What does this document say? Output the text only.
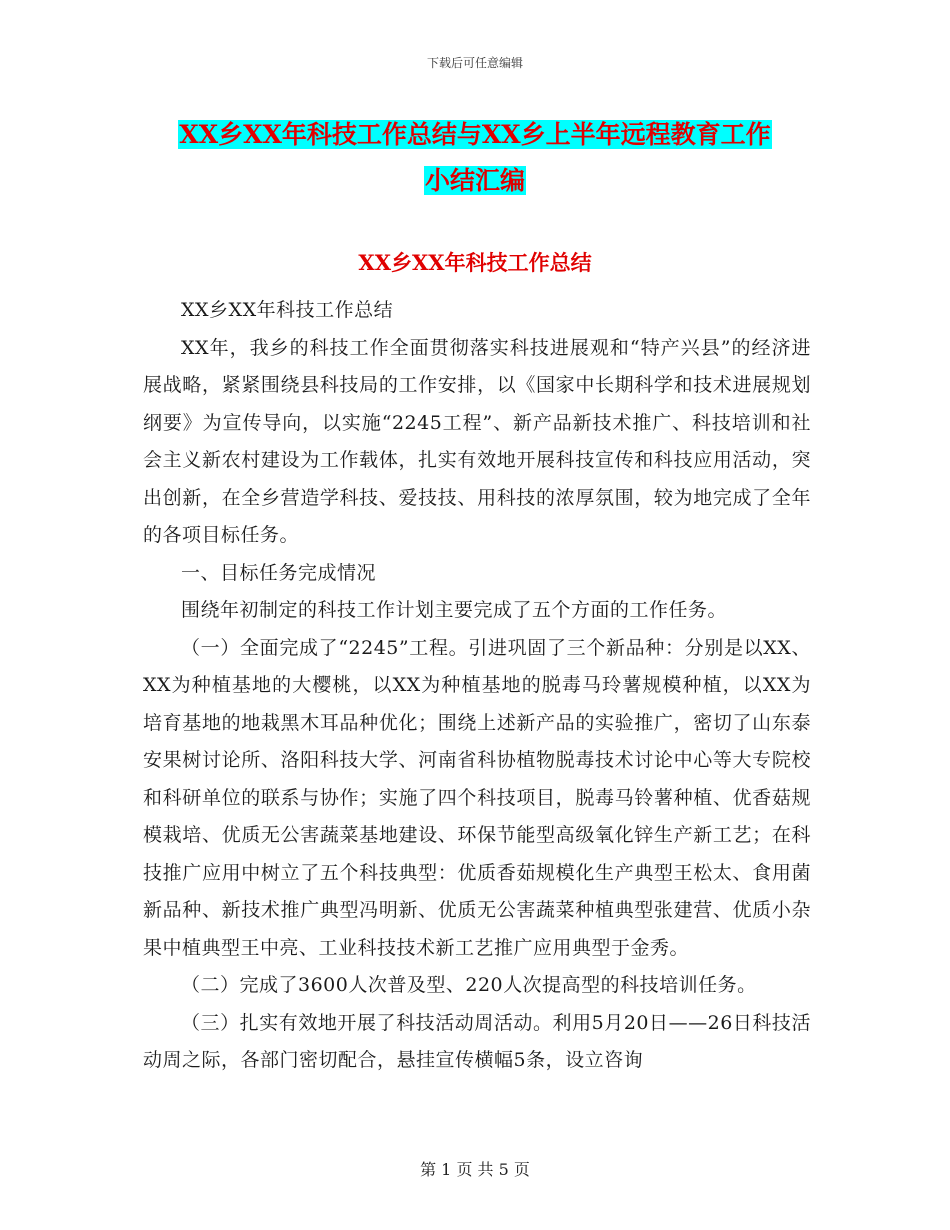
下载后可任意编辑
XX乡XX年科技工作总结与XX乡上半年远程教育工作
小结汇编
XX乡XX年科技工作总结

XX乡XX年科技工作总结

XX年，我乡的科技工作全面贯彻落实科技进展观和“特产兴县”的经济进展战略，紧紧围绕县科技局的工作安排，以《国家中长期科学和技术进展规划纲要》为宣传导向，以实施“2245工程”、新产品新技术推广、科技培训和社会主义新农村建设为工作载体，扎实有效地开展科技宣传和科技应用活动，突出创新，在全乡营造学科技、爱技技、用科技的浓厚氛围，较为地完成了全年的各项目标任务。

一、目标任务完成情况

围绕年初制定的科技工作计划主要完成了五个方面的工作任务。

（一）全面完成了“2245”工程。引进巩固了三个新品种：分别是以XX、XX为种植基地的大樱桃，以XX为种植基地的脱毒马玲薯规模种植，以XX为培育基地的地栽黑木耳品种优化；围绕上述新产品的实验推广，密切了山东泰安果树讨论所、洛阳科技大学、河南省科协植物脱毒技术讨论中心等大专院校和科研单位的联系与协作；实施了四个科技项目，脱毒马铃薯种植、优香菇规模栽培、优质无公害蔬菜基地建设、环保节能型高级氧化锌生产新工艺；在科技推广应用中树立了五个科技典型：优质香茹规模化生产典型王松太、食用菌新品种、新技术推广典型冯明新、优质无公害蔬菜种植典型张建营、优质小杂果中植典型王中亮、工业科技技术新工艺推广应用典型于金秀。

（二）完成了3600人次普及型、220人次提高型的科技培训任务。

（三）扎实有效地开展了科技活动周活动。利用5月20日——26日科技活动周之际，各部门密切配合，悬挂宣传横幅5条，设立咨询

第 1 页 共 5 页
